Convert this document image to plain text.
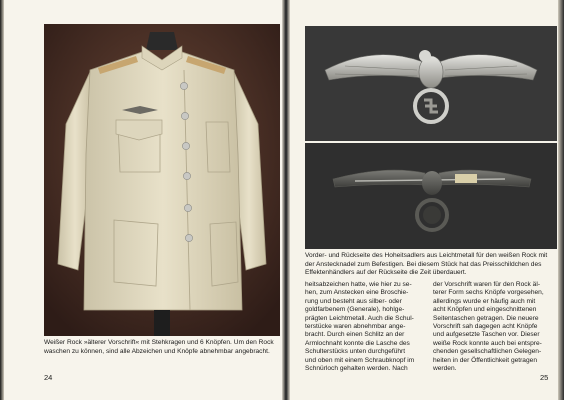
Weißer Rock »älterer Vorschrift« mit Stehkragen und 6 Knöpfen. Um den Rock
waschen zu können, sind alle Abzeichen und Knöpfe abnehmbar angebracht.

24

Vorder- und Rückseite des Hoheitsadlers aus Leichtmetall für den weißen Rock mit
der Anstecknadel zum Befestigen. Bei diesem Stück hat das Preisschildchen des
Effektenhändlers auf der Rückseite die Zeit überdauert.

heitsabzeichen hatte, wie hier zu se-
hen, zum Anstecken eine Broschie-
rung und besteht aus silber- oder
goldfarbenem (Generale), hohlge-
prägten Leichtmetall. Auch die Schul-
terstücke waren abnehmbar ange-
bracht. Durch einen Schlitz an der
Armlochnaht konnte die Lasche des
Schulterstücks unten durchgeführt
und oben mit einem Schraubknopf im
Schnürloch gehalten werden. Nach

der Vorschrift waren für den Rock äl-
terer Form sechs Knöpfe vorgesehen,
allerdings wurde er häufig auch mit
acht Knöpfen und eingeschnittenen
Seitentaschen getragen. Die neuere
Vorschrift sah dagegen acht Knöpfe
und aufgesetzte Taschen vor. Dieser
weiße Rock konnte auch bei entspre-
chenden gesellschaftlichen Gelegen-
heiten in der Öffentlichkeit getragen
werden.

25
